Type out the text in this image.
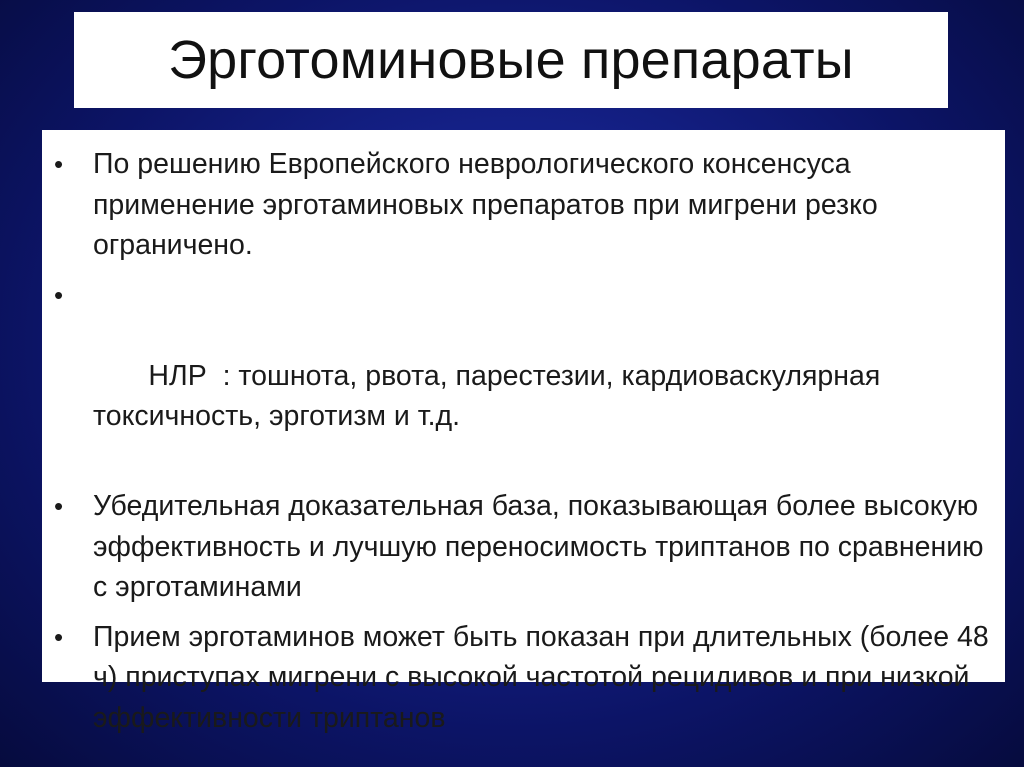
Эрготоминовые препараты
• По решению Европейского неврологического консенсуса применение эрготаминовых препаратов при мигрени резко ограничено.

•

НЛР  : тошнота, рвота, парестезии, кардиоваскулярная токсичность, эрготизм и т.д.

• Убедительная доказательная база, показывающая более высокую эффективность и лучшую переносимость триптанов по сравнению с эрготаминами
• Прием эрготаминов может быть показан при длительных (более 48 ч) приступах мигрени с высокой частотой рецидивов и при низкой эффективности триптанов
